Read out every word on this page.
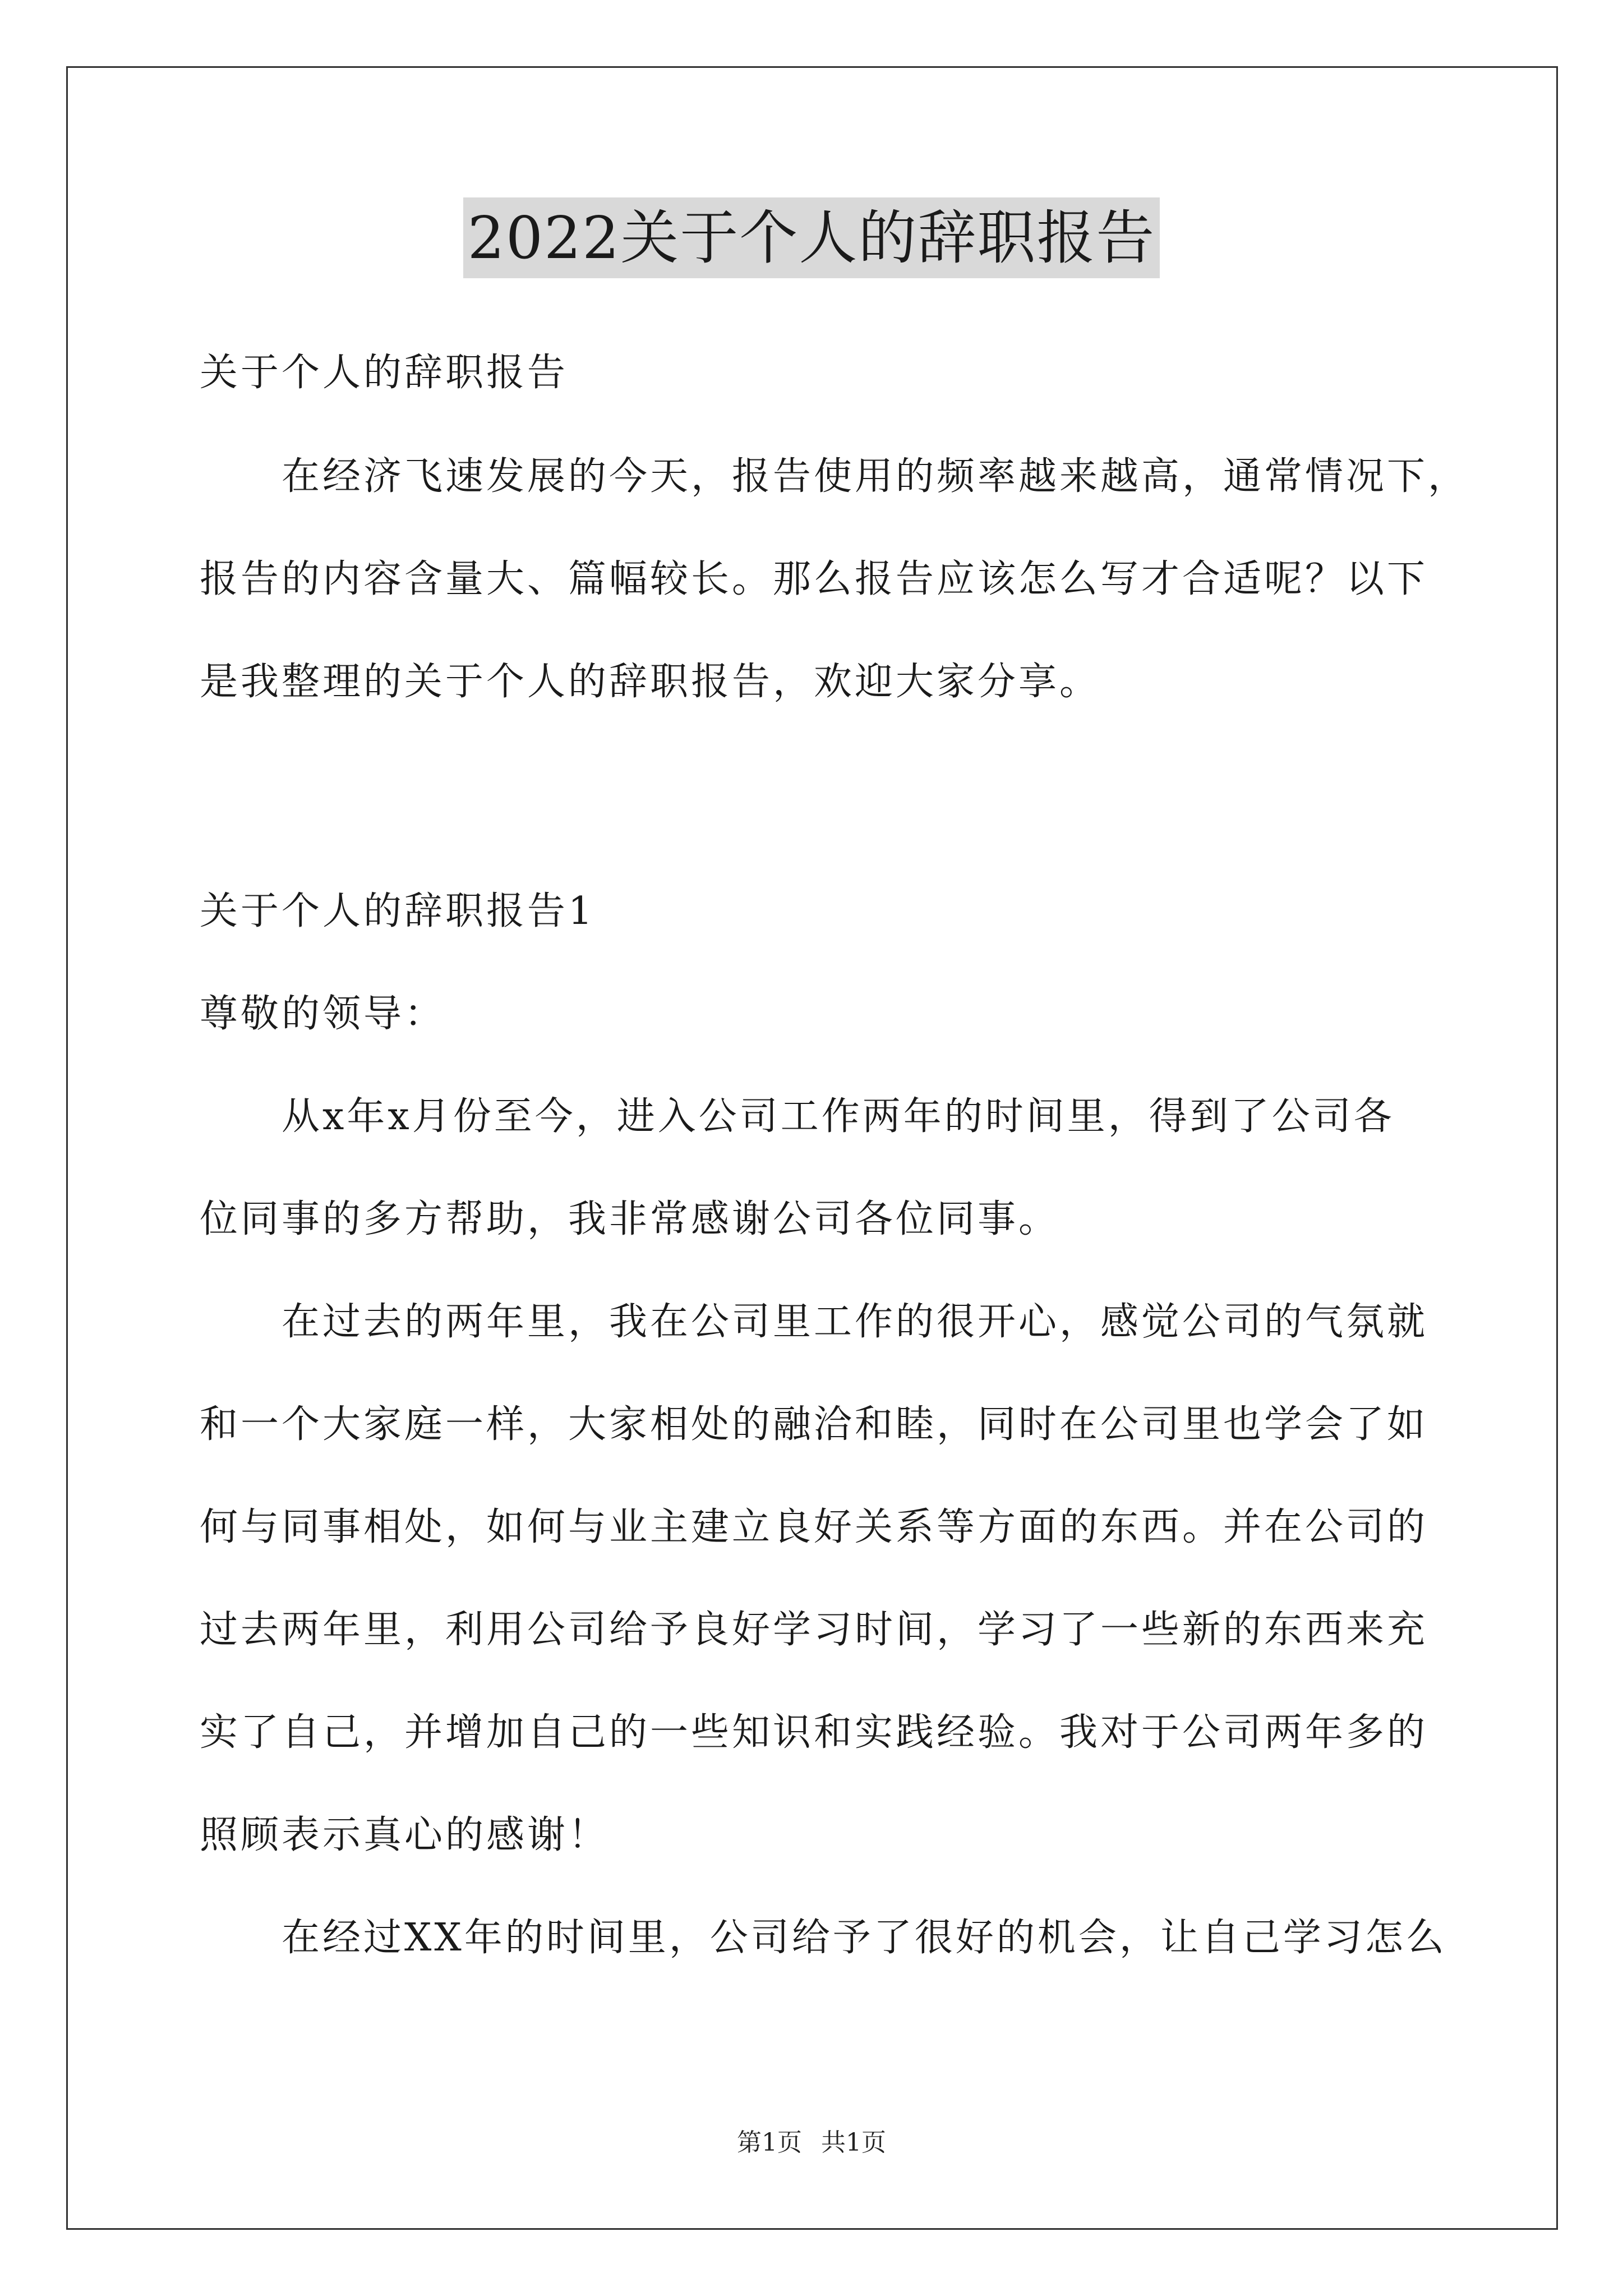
2022关于个人的辞职报告
关于个人的辞职报告
在经济飞速发展的今天，报告使用的频率越来越高，通常情况下，
报告的内容含量大、篇幅较长。那么报告应该怎么写才合适呢？以下
是我整理的关于个人的辞职报告，欢迎大家分享。
关于个人的辞职报告1
尊敬的领导：
从x年x月份至今，进入公司工作两年的时间里，得到了公司各
位同事的多方帮助，我非常感谢公司各位同事。
在过去的两年里，我在公司里工作的很开心，感觉公司的气氛就
和一个大家庭一样，大家相处的融洽和睦，同时在公司里也学会了如
何与同事相处，如何与业主建立良好关系等方面的东西。并在公司的
过去两年里，利用公司给予良好学习时间，学习了一些新的东西来充
实了自己，并增加自己的一些知识和实践经验。我对于公司两年多的
照顾表示真心的感谢！
在经过XX年的时间里，公司给予了很好的机会，让自己学习怎么
第1页 共1页
